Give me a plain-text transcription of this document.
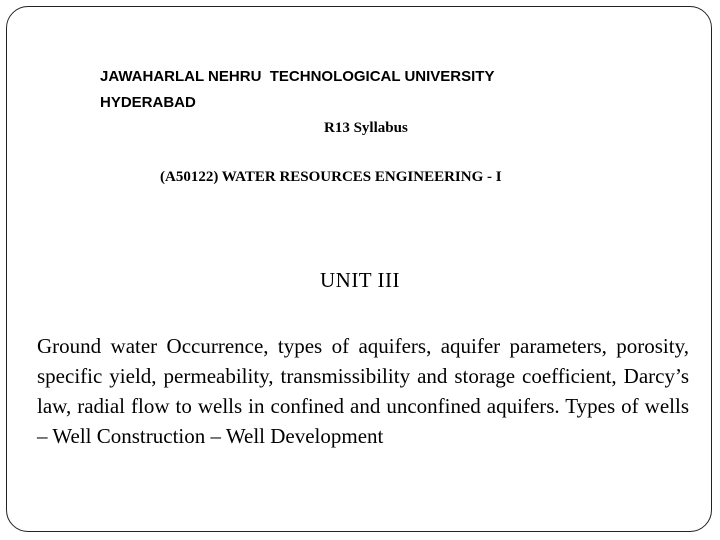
JAWAHARLAL NEHRU  TECHNOLOGICAL UNIVERSITY
HYDERABAD
R13 Syllabus
(A50122) WATER RESOURCES ENGINEERING - I
UNIT III
Ground water Occurrence, types of aquifers, aquifer parameters, porosity, specific yield, permeability, transmissibility and storage coefficient, Darcy’s law, radial flow to wells in confined and unconfined aquifers. Types of wells – Well Construction – Well Development
